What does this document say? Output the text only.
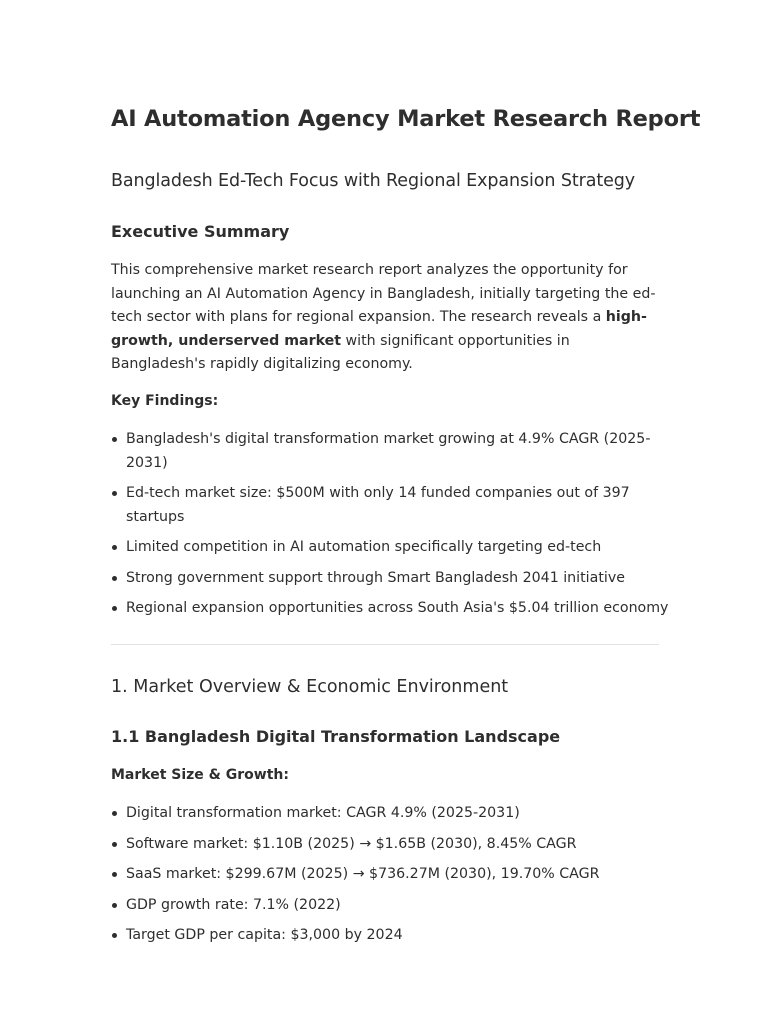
AI Automation Agency Market Research Report
Bangladesh Ed-Tech Focus with Regional Expansion Strategy
Executive Summary

This comprehensive market research report analyzes the opportunity for launching an AI Automation Agency in Bangladesh, initially targeting the ed-tech sector with plans for regional expansion. The research reveals a high-growth, underserved market with significant opportunities in Bangladesh's rapidly digitalizing economy.

Key Findings:
Bangladesh's digital transformation market growing at 4.9% CAGR (2025-2031)
Ed-tech market size: $500M with only 14 funded companies out of 397 startups
Limited competition in AI automation specifically targeting ed-tech
Strong government support through Smart Bangladesh 2041 initiative
Regional expansion opportunities across South Asia's $5.04 trillion economy
1. Market Overview & Economic Environment
1.1 Bangladesh Digital Transformation Landscape
Market Size & Growth:
Digital transformation market: CAGR 4.9% (2025-2031)
Software market: $1.10B (2025) → $1.65B (2030), 8.45% CAGR
SaaS market: $299.67M (2025) → $736.27M (2030), 19.70% CAGR
GDP growth rate: 7.1% (2022)
Target GDP per capita: $3,000 by 2024
